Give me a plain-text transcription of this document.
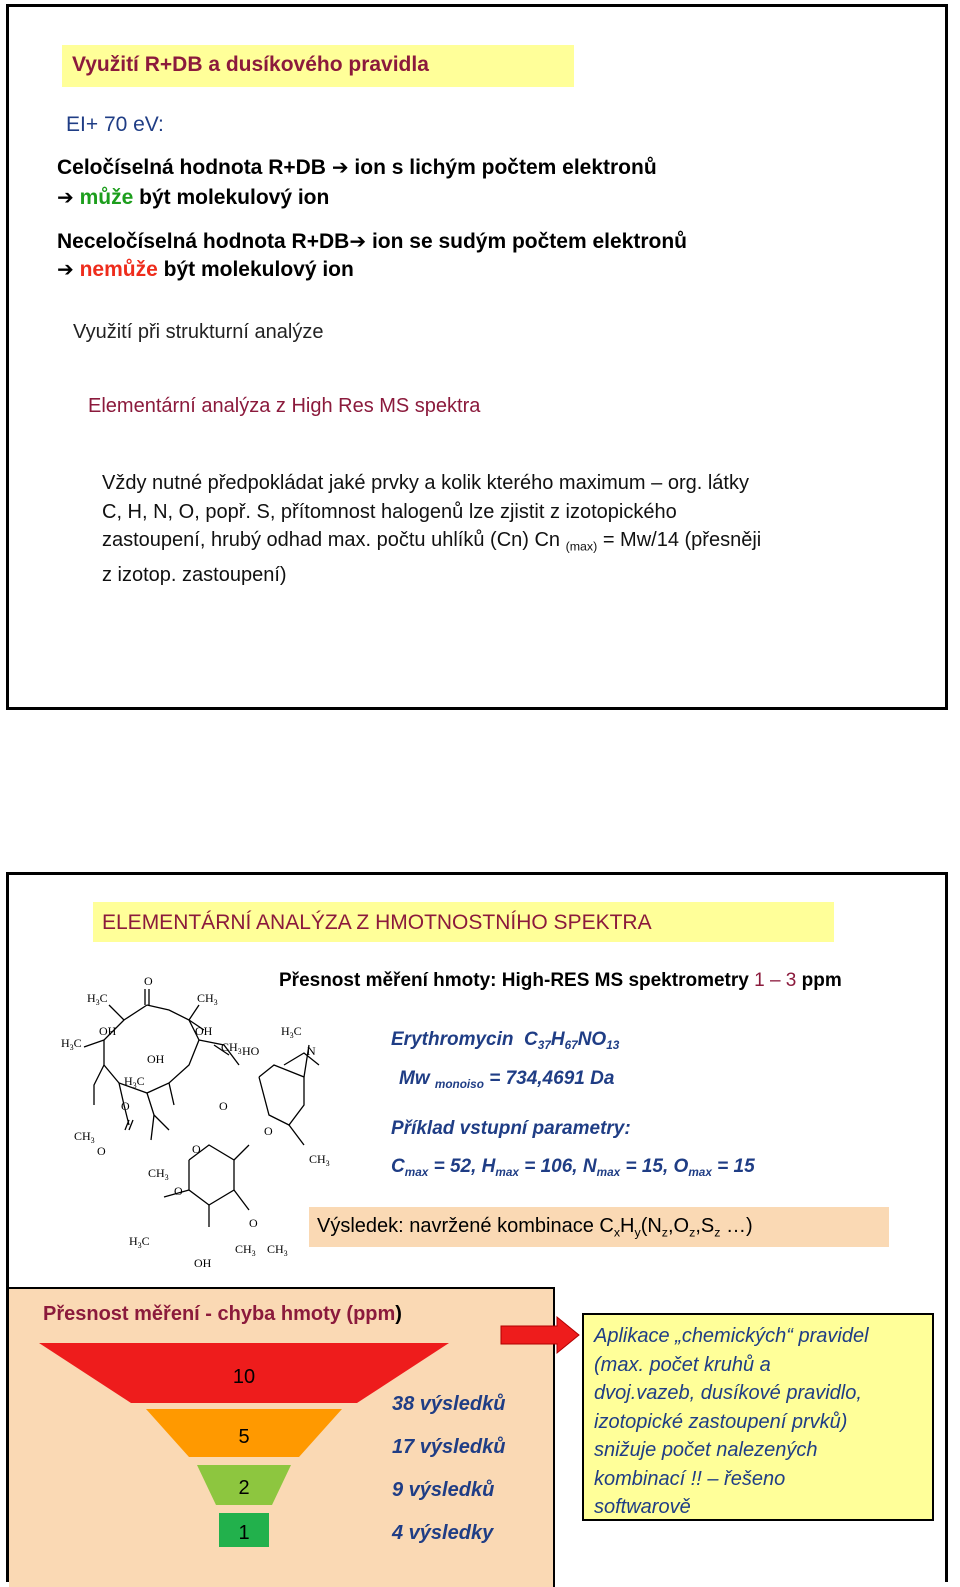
Využití R+DB a dusíkového pravidla
EI+ 70 eV:
Celočíselná hodnota R+DB ➔ ion s lichým počtem elektronů
➔ může být molekulový ion
Neceločíselná hodnota R+DB➔ ion se sudým počtem elektronů
➔ nemůže být molekulový ion
Využití při strukturní analýze
Elementární analýza z High Res MS spektra
Vždy nutné předpokládat jaké prvky a kolik kterého maximum – org. látky
C, H, N, O, popř. S, přítomnost halogenů lze zjistit z izotopického
zastoupení, hrubý odhad max. počtu uhlíků (Cn) Cn $_{(max)}$ = Mw/14 (přesněji
z izotop. zastoupení)
ELEMENTÁRNÍ ANALÝZA Z HMOTNOSTNÍHO SPEKTRA
Přesnost měření hmoty: High-RES MS spektrometry 1 – 3 ppm
O
$H_3C$	$CH_3$
OH
OH
OH
$H_3C$	$CH_3$ HO
$H_3C$
N
$H_3C$
O	O
O
$CH_3$
O
$CH_3$
O
$CH_3$
O
$H_3C$
O
$CH_3$ $CH_3$
OH
Erythromycin $C_{37}H_{67}NO_{13}$
Mw $_{monoiso}$ = 734,4691 Da
Příklad vstupní parametry:
$C_{max} = 52$, $H_{max} = 106$, $N_{max} = 15$, $O_{max} = 15$
Výsledek: navržené kombinace $C_xH_y(N_z,O_z,S_z$ …)
Přesnost měření - chyba hmoty (ppm)
10
5
2
1
38 výsledků
17 výsledků
9 výsledků
4 výsledky
Aplikace „chemických“ pravidel
(max. počet kruhů a
dvoj.vazeb, dusíkové pravidlo,
izotopické zastoupení prvků)
snižuje počet nalezených
kombinací !! – řešeno
softwarově
